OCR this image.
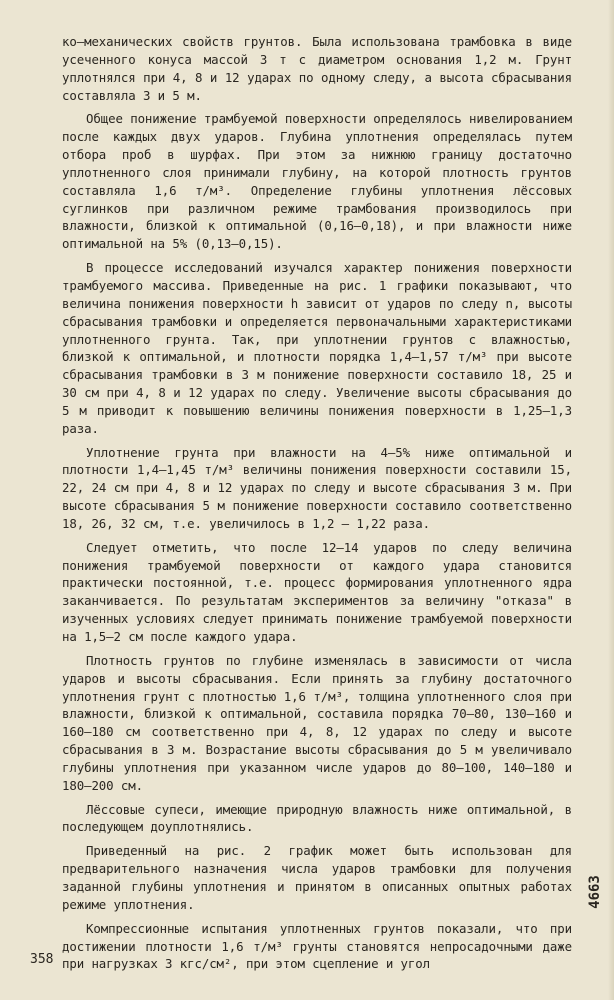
ко–механических свойств грунтов. Была использована трамбовка в виде усеченного конуса массой 3 т с диаметром основания 1,2 м. Грунт уплотнялся при 4, 8 и 12 ударах по одному следу, а высота сбрасывания составляла 3 и 5 м.

Общее понижение трамбуемой поверхности определялось нивелированием после каждых двух ударов. Глубина уплотнения определялась путем отбора проб в шурфах. При этом за нижнюю границу достаточно уплотненного слоя принимали глубину, на которой плотность грунтов составляла 1,6 т/м³. Определение глубины уплотнения лёссовых суглинков при различном режиме трамбования производилось при влажности, близкой к оптимальной (0,16–0,18), и при влажности ниже оптимальной на 5% (0,13–0,15).

В процессе исследований изучался характер понижения поверхности трамбуемого массива. Приведенные на рис. 1 графики показывают, что величина понижения поверхности h зависит от ударов по следу n, высоты сбрасывания трамбовки и определяется первоначальными характеристиками уплотненного грунта. Так, при уплотнении грунтов с влажностью, близкой к оптимальной, и плотности порядка 1,4–1,57 т/м³ при высоте сбрасывания трамбовки в 3 м понижение поверхности составило 18, 25 и 30 см при 4, 8 и 12 ударах по следу. Увеличение высоты сбрасывания до 5 м приводит к повышению величины понижения поверхности в 1,25–1,3 раза.

Уплотнение грунта при влажности на 4–5% ниже оптимальной и плотности 1,4–1,45 т/м³ величины понижения поверхности составили 15, 22, 24 см при 4, 8 и 12 ударах по следу и высоте сбрасывания 3 м. При высоте сбрасывания 5 м понижение поверхности составило соответственно 18, 26, 32 см, т.е. увеличилось в 1,2 – 1,22 раза.

Следует отметить, что после 12–14 ударов по следу величина понижения трамбуемой поверхности от каждого удара становится практически постоянной, т.е. процесс формирования уплотненного ядра заканчивается. По результатам экспериментов за величину "отказа" в изученных условиях следует принимать понижение трамбуемой поверхности на 1,5–2 см после каждого удара.

Плотность грунтов по глубине изменялась в зависимости от числа ударов и высоты сбрасывания. Если принять за глубину достаточного уплотнения грунт с плотностью 1,6 т/м³, толщина уплотненного слоя при влажности, близкой к оптимальной, составила порядка 70–80, 130–160 и 160–180 см соответственно при 4, 8, 12 ударах по следу и высоте сбрасывания в 3 м. Возрастание высоты сбрасывания до 5 м увеличивало глубины уплотнения при указанном числе ударов до 80–100, 140–180 и 180–200 см.

Лёссовые супеси, имеющие природную влажность ниже оптимальной, в последующем доуплотнялись.

Приведенный на рис. 2 график может быть использован для предварительного назначения числа ударов трамбовки для получения заданной глубины уплотнения и принятом в описанных опытных работах режиме уплотнения.

Компрессионные испытания уплотненных грунтов показали, что при достижении плотности 1,6 т/м³ грунты становятся непросадочными даже при нагрузках 3 кгс/см², при этом сцепление и угол

358
4663
